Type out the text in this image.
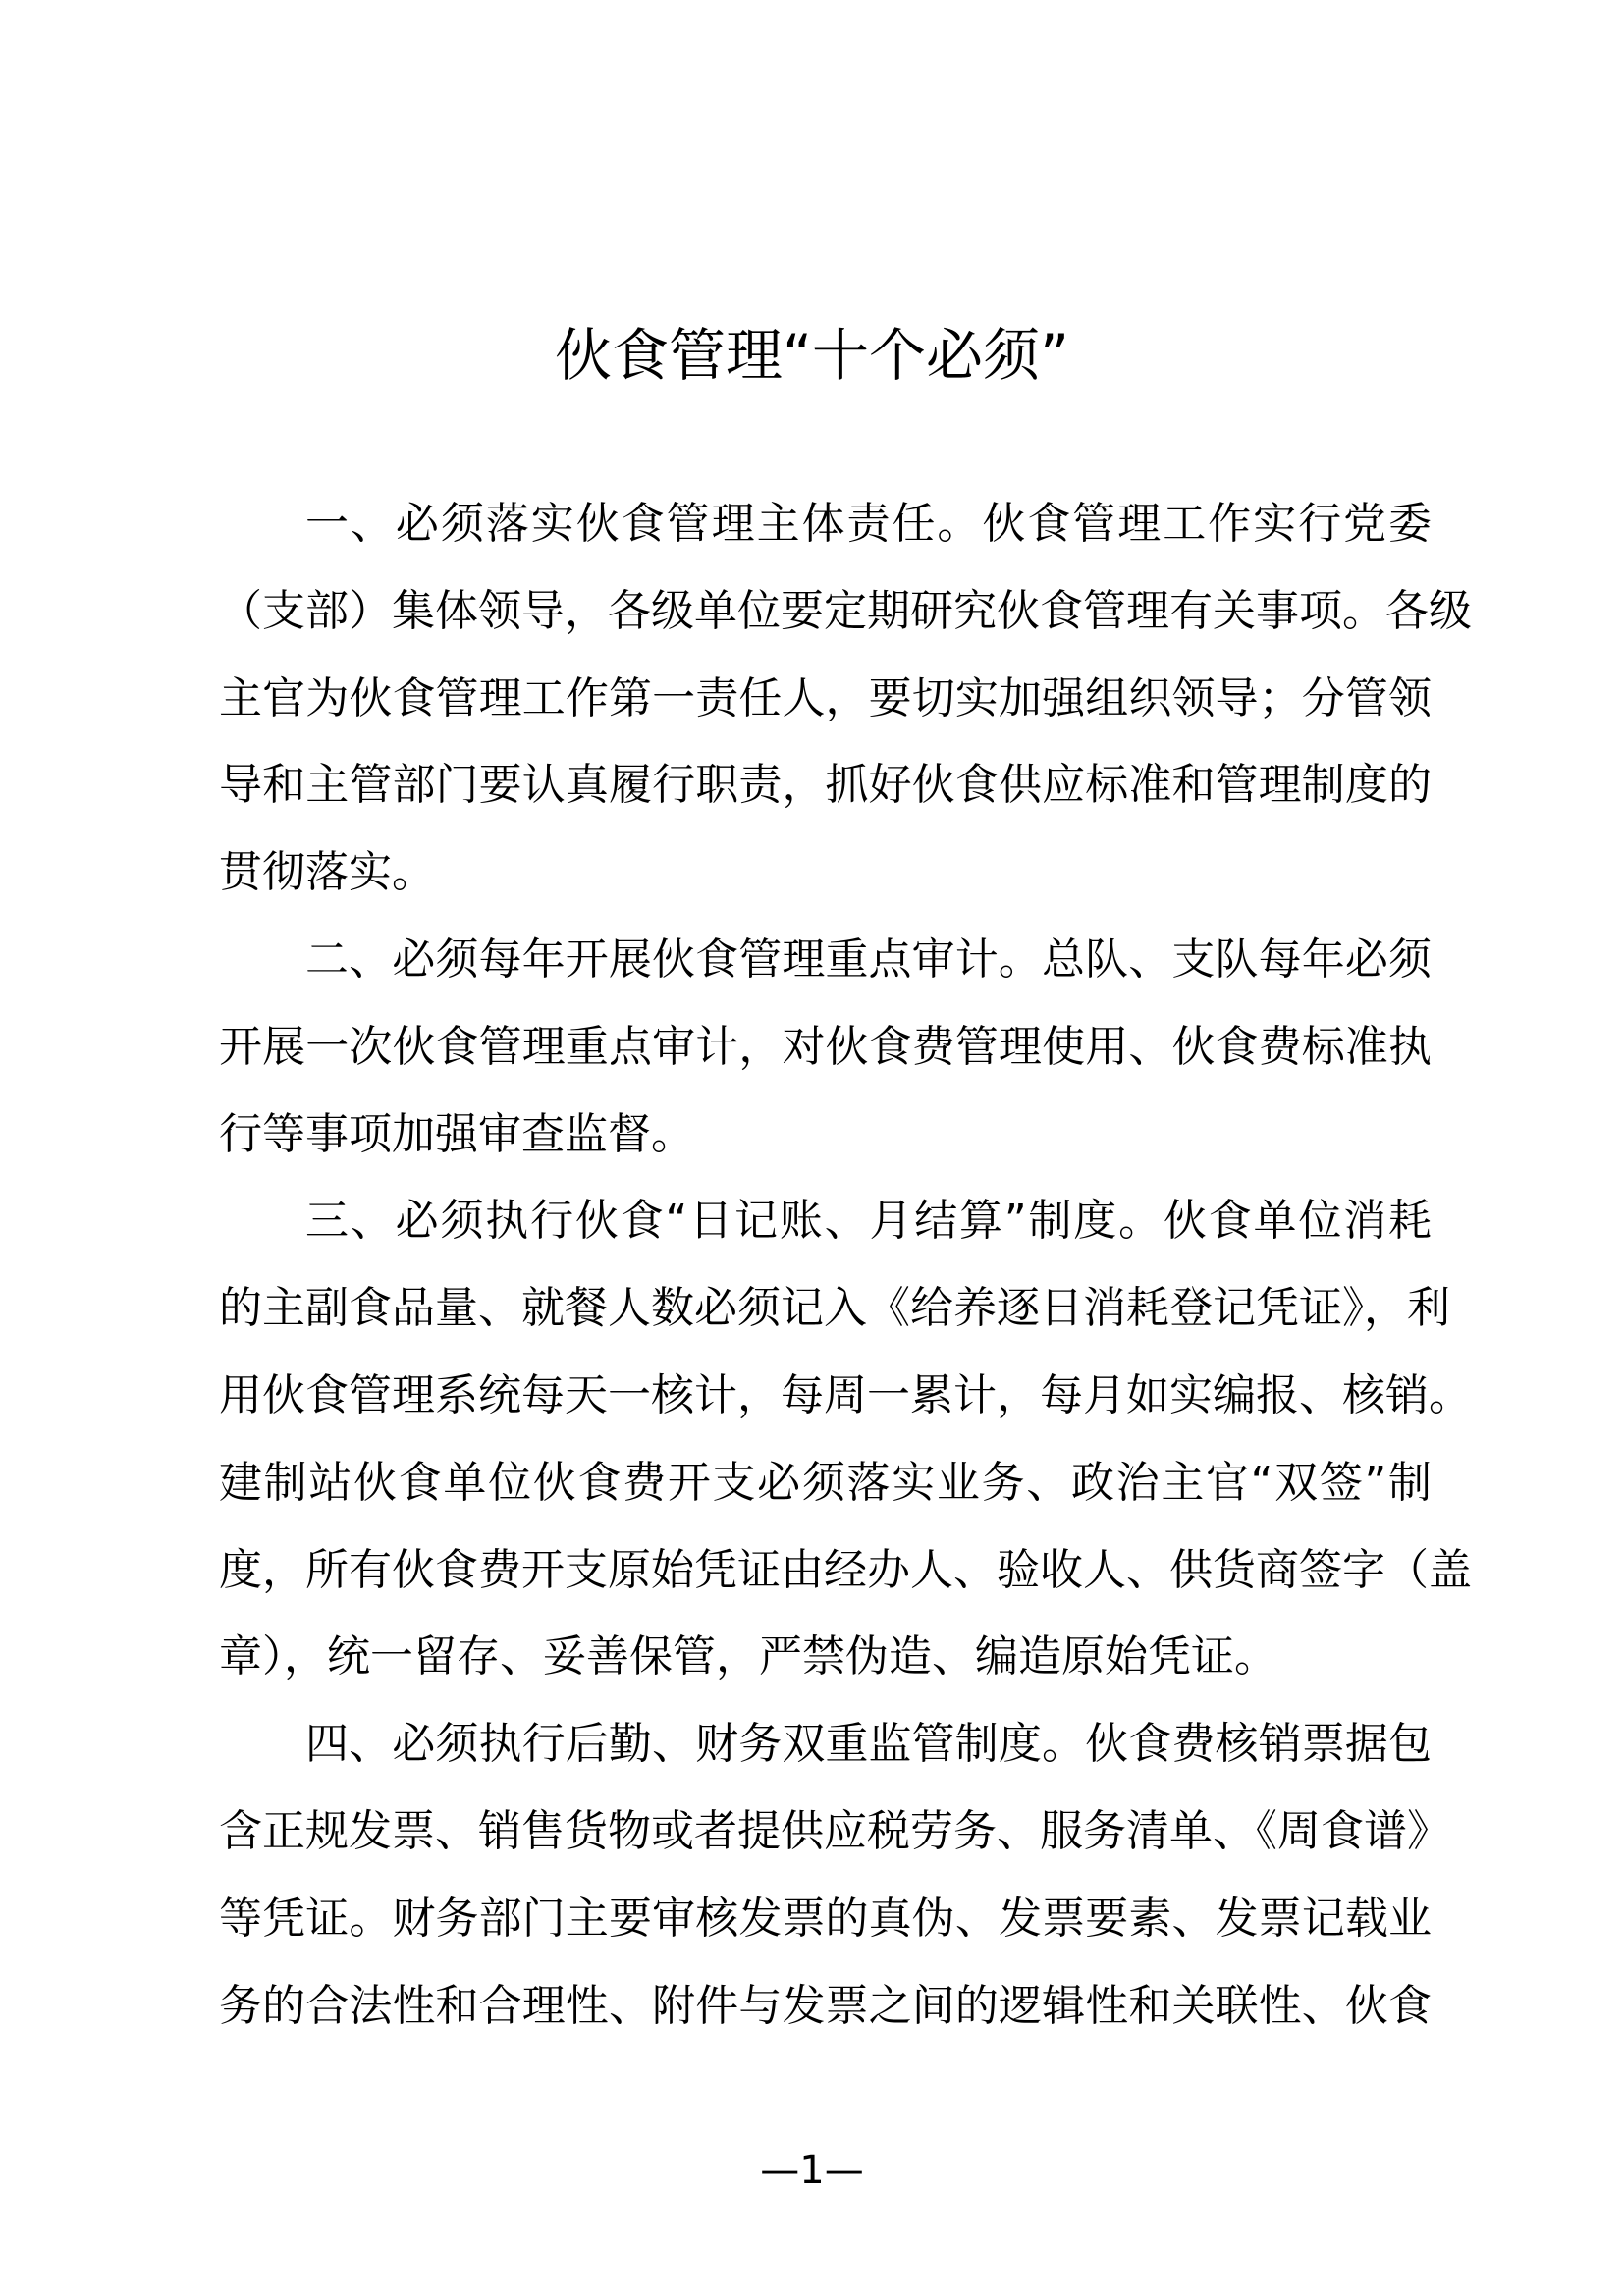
伙食管理“十个必须”
一、必须落实伙食管理主体责任。伙食管理工作实行党委
（支部）集体领导，各级单位要定期研究伙食管理有关事项。各级
主官为伙食管理工作第一责任人，要切实加强组织领导；分管领
导和主管部门要认真履行职责，抓好伙食供应标准和管理制度的
贯彻落实。
二、必须每年开展伙食管理重点审计。总队、支队每年必须
开展一次伙食管理重点审计，对伙食费管理使用、伙食费标准执
行等事项加强审查监督。
三、必须执行伙食“日记账、月结算”制度。伙食单位消耗
的主副食品量、就餐人数必须记入《给养逐日消耗登记凭证》，利
用伙食管理系统每天一核计，每周一累计，每月如实编报、核销。
建制站伙食单位伙食费开支必须落实业务、政治主官“双签”制
度，所有伙食费开支原始凭证由经办人、验收人、供货商签字（盖
章），统一留存、妥善保管，严禁伪造、编造原始凭证。
四、必须执行后勤、财务双重监管制度。伙食费核销票据包
含正规发票、销售货物或者提供应税劳务、服务清单、《周食谱》
等凭证。财务部门主要审核发票的真伪、发票要素、发票记载业
务的合法性和合理性、附件与发票之间的逻辑性和关联性、伙食
—1—
